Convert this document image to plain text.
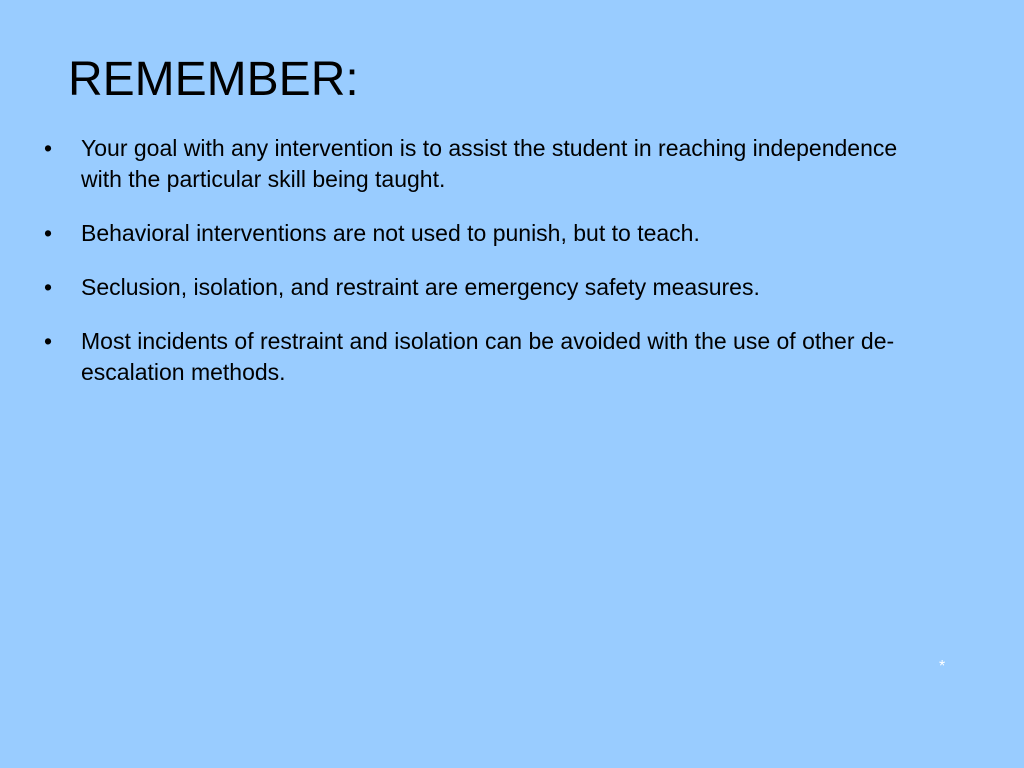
REMEMBER:
• Your goal with any intervention is to assist the student in reaching independence with the particular skill being taught.
• Behavioral interventions are not used to punish, but to teach.
• Seclusion, isolation, and restraint are emergency safety measures.
• Most incidents of restraint and isolation can be avoided with the use of other de-escalation methods.
*
